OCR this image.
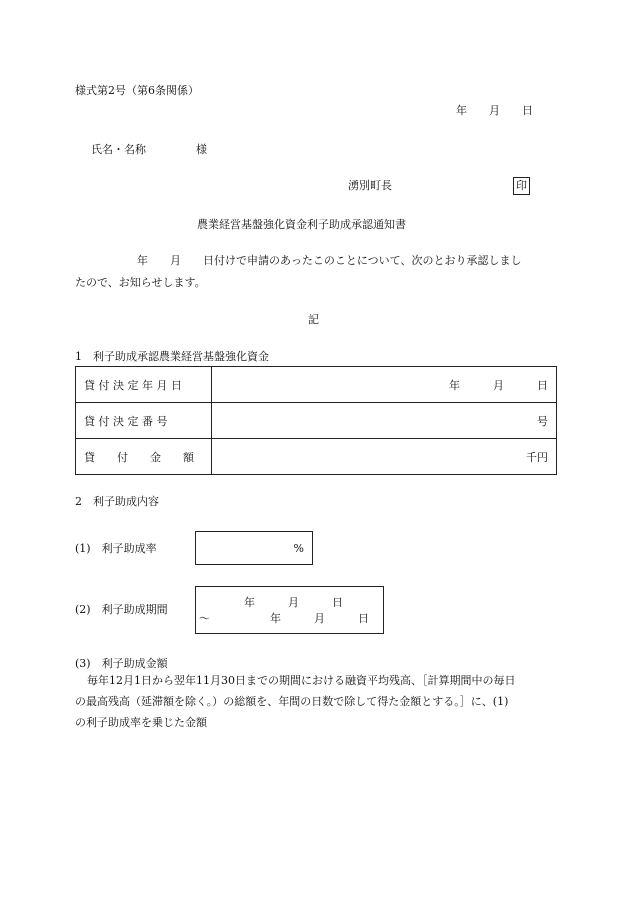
様式第2号（第6条関係）
年　　月　　日
氏名・名称	様
湧別町長	印
農業経営基盤強化資金利子助成承認通知書
年　　月　　日付けで申請のあったこのことについて、次のとおり承認しまし
たので、お知らせします。
記
1　利子助成承認農業経営基盤強化資金
貸 付 決 定 年 月 日	年　　　月　　　日
貸 付 決 定 番 号	号
貸　　付　　金　　額	千円
2　利子助成内容
(1)　利子助成率	%
(2)　利子助成期間
年　　　月　　　日
～	年　　　月　　　日
(3)　利子助成金額
毎年12月1日から翌年11月30日までの期間における融資平均残高、［計算期間中の毎日
の最高残高（延滞額を除く。）の総額を、年間の日数で除して得た金額とする。］に、(1)
の利子助成率を乗じた金額
